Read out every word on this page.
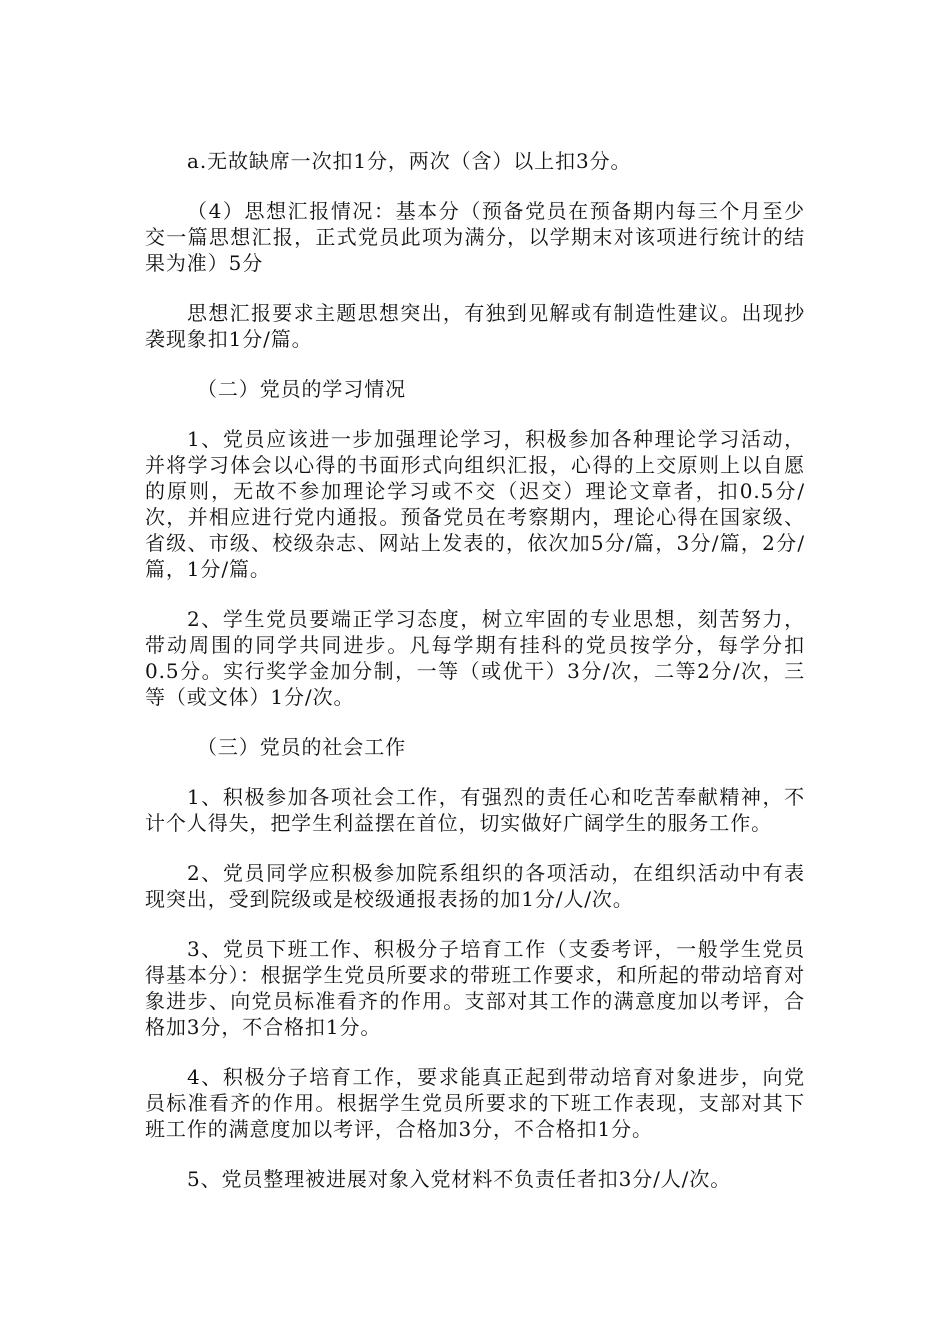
a.无故缺席一次扣1分，两次（含）以上扣3分。

（4）思想汇报情况：基本分（预备党员在预备期内每三个月至少交一篇思想汇报，正式党员此项为满分，以学期末对该项进行统计的结果为准）5分

思想汇报要求主题思想突出，有独到见解或有制造性建议。出现抄袭现象扣1分/篇。

（二）党员的学习情况

1、党员应该进一步加强理论学习，积极参加各种理论学习活动，并将学习体会以心得的书面形式向组织汇报，心得的上交原则上以自愿的原则，无故不参加理论学习或不交（迟交）理论文章者，扣0.5分/次，并相应进行党内通报。预备党员在考察期内，理论心得在国家级、省级、市级、校级杂志、网站上发表的，依次加5分/篇，3分/篇，2分/篇，1分/篇。

2、学生党员要端正学习态度，树立牢固的专业思想，刻苦努力，带动周围的同学共同进步。凡每学期有挂科的党员按学分，每学分扣0.5分。实行奖学金加分制，一等（或优干）3分/次，二等2分/次，三等（或文体）1分/次。

（三）党员的社会工作

1、积极参加各项社会工作，有强烈的责任心和吃苦奉献精神，不计个人得失，把学生利益摆在首位，切实做好广阔学生的服务工作。

2、党员同学应积极参加院系组织的各项活动，在组织活动中有表现突出，受到院级或是校级通报表扬的加1分/人/次。

3、党员下班工作、积极分子培育工作（支委考评，一般学生党员得基本分）：根据学生党员所要求的带班工作要求，和所起的带动培育对象进步、向党员标准看齐的作用。支部对其工作的满意度加以考评，合格加3分，不合格扣1分。

4、积极分子培育工作，要求能真正起到带动培育对象进步，向党员标准看齐的作用。根据学生党员所要求的下班工作表现，支部对其下班工作的满意度加以考评，合格加3分，不合格扣1分。

5、党员整理被进展对象入党材料不负责任者扣3分/人/次。
